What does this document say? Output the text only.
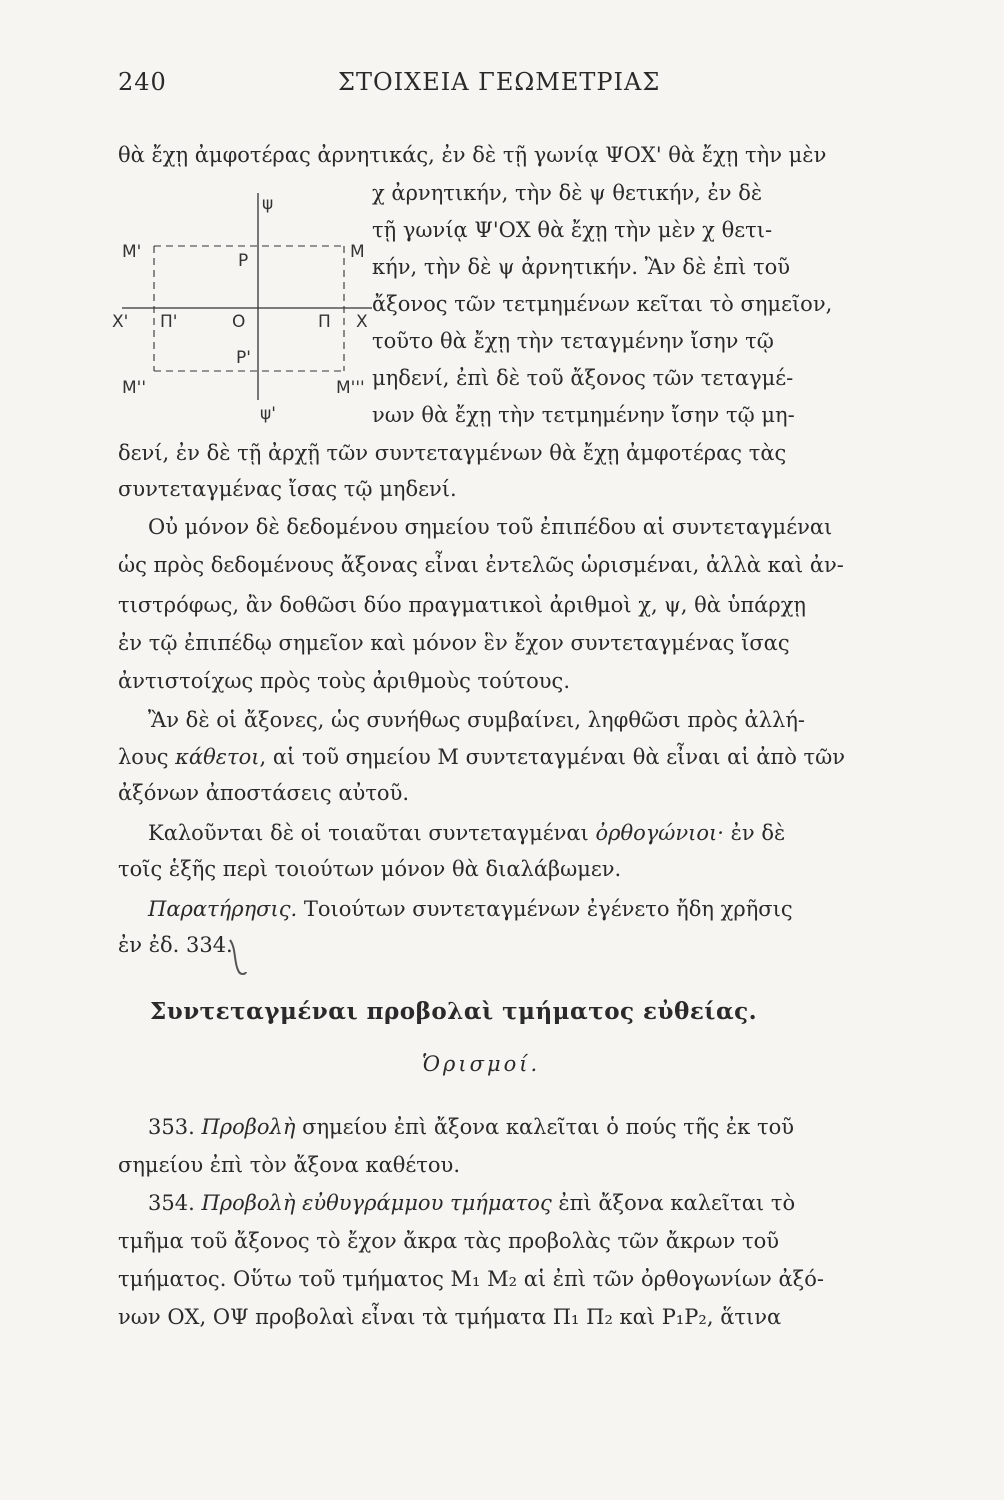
240	ΣΤΟΙΧΕΙΑ ΓΕΩΜΕΤΡΙΑΣ
θὰ ἔχῃ ἀμφοτέρας ἀρνητικάς, ἐν δὲ τῇ γωνίᾳ ΨΟΧ' θὰ ἔχῃ τὴν μὲν
ψ
M'	P	M
X' Π'	O	Π X
P'
M''	M'''
ψ'
χ ἀρνητικήν, τὴν δὲ ψ θετικήν, ἐν δὲ
τῇ γωνίᾳ Ψ'ΟΧ θὰ ἔχῃ τὴν μὲν χ θετι-
κήν, τὴν δὲ ψ ἀρνητικήν. Ἂν δὲ ἐπὶ τοῦ
ἄξονος τῶν τετμημένων κεῖται τὸ σημεῖον,
τοῦτο θὰ ἔχῃ τὴν τεταγμένην ἴσην τῷ
μηδενί, ἐπὶ δὲ τοῦ ἄξονος τῶν τεταγμέ-
νων θὰ ἔχῃ τὴν τετμημένην ἴσην τῷ μη-
δενί, ἐν δὲ τῇ ἀρχῇ τῶν συντεταγμένων θὰ ἔχῃ ἀμφοτέρας τὰς
συντεταγμένας ἴσας τῷ μηδενί.
Οὐ μόνον δὲ δεδομένου σημείου τοῦ ἐπιπέδου αἱ συντεταγμέναι
ὡς πρὸς δεδομένους ἄξονας εἶναι ἐντελῶς ὡρισμέναι, ἀλλὰ καὶ ἀν-
τιστρόφως, ἂν δοθῶσι δύο πραγματικοὶ ἀριθμοὶ χ, ψ, θὰ ὑπάρχῃ
ἐν τῷ ἐπιπέδῳ σημεῖον καὶ μόνον ἓν ἔχον συντεταγμένας ἴσας
ἀντιστοίχως πρὸς τοὺς ἀριθμοὺς τούτους.
Ἂν δὲ οἱ ἄξονες, ὡς συνήθως συμβαίνει, ληφθῶσι πρὸς ἀλλή-
λους κάθετοι, αἱ τοῦ σημείου Μ συντεταγμέναι θὰ εἶναι αἱ ἀπὸ τῶν
ἀξόνων ἀποστάσεις αὐτοῦ.
Καλοῦνται δὲ οἱ τοιαῦται συντεταγμέναι ὀρθογώνιοι· ἐν δὲ
τοῖς ἑξῆς περὶ τοιούτων μόνον θὰ διαλάβωμεν.
Παρατήρησις. Τοιούτων συντεταγμένων ἐγένετο ἤδη χρῆσις
ἐν ἐδ. 334.
Συντεταγμέναι προβολαὶ τμήματος εὐθείας.
Ὁρισμοί.
353. Προβολὴ σημείου ἐπὶ ἄξονα καλεῖται ὁ πούς τῆς ἐκ τοῦ
σημείου ἐπὶ τὸν ἄξονα καθέτου.
354. Προβολὴ εὐθυγράμμου τμήματος ἐπὶ ἄξονα καλεῖται τὸ
τμῆμα τοῦ ἄξονος τὸ ἔχον ἄκρα τὰς προβολὰς τῶν ἄκρων τοῦ
τμήματος. Οὕτω τοῦ τμήματος Μ₁ Μ₂ αἱ ἐπὶ τῶν ὀρθογωνίων ἀξό-
νων ΟΧ, ΟΨ προβολαὶ εἶναι τὰ τμήματα Π₁ Π₂ καὶ Ρ₁Ρ₂, ἅτινα
